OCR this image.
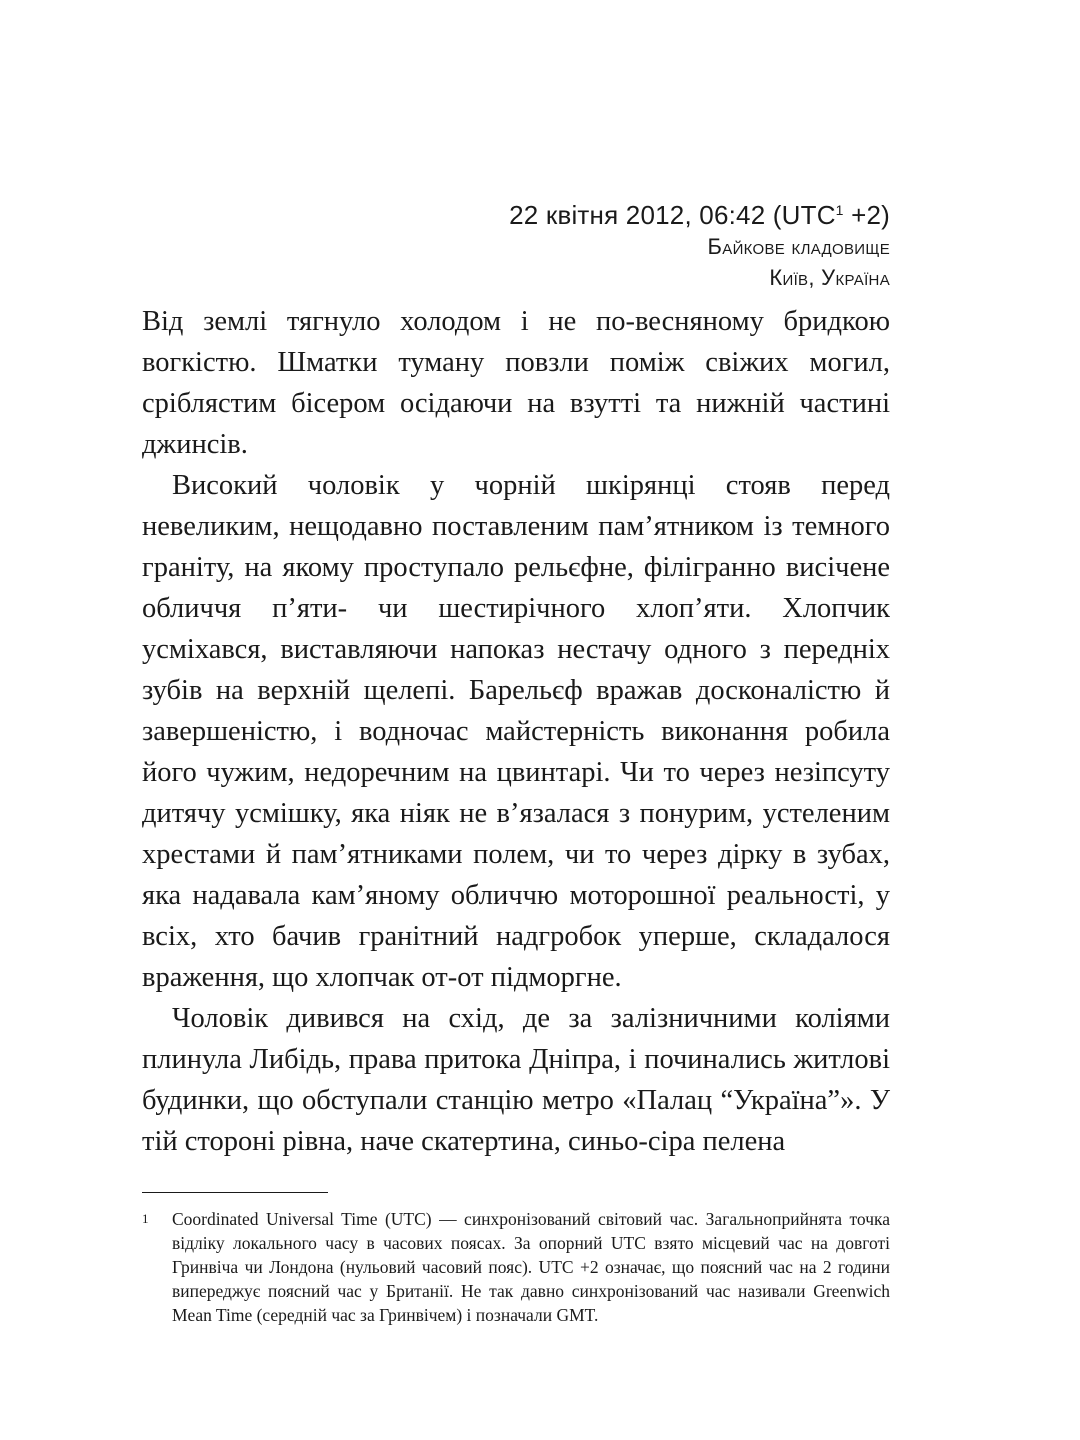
22 квітня 2012, 06:42 (UTC$^1$ +2)
Байкове кладовище
Київ, Україна

Від землі тягнуло холодом і не по-весняному бридкою вогкістю. Шматки туману повзли поміж свіжих могил, сріблястим бісером осідаючи на взутті та нижній частині джинсів.

Високий чоловік у чорній шкірянці стояв перед невеликим, нещодавно поставленим пам’ятником із темного граніту, на якому проступало рельєфне, філігранно висічене обличчя п’яти- чи шестирічного хлоп’яти. Хлопчик усміхався, виставляючи напоказ нестачу одного з передніх зубів на верхній щелепі. Барельєф вражав досконалістю й завершеністю, і водночас майстерність виконання робила його чужим, недоречним на цвинтарі. Чи то через незіпсуту дитячу усмішку, яка ніяк не в’язалася з понурим, устеленим хрестами й пам’ятниками полем, чи то через дірку в зубах, яка надавала кам’яному обличчю моторошної реальності, у всіх, хто бачив гранітний надгробок уперше, складалося враження, що хлопчак от-от підморгне.

Чоловік дивився на схід, де за залізничними коліями плинула Либідь, права притока Дніпра, і починались житлові будинки, що обступали станцію метро «Палац “Україна”». У тій стороні рівна, наче скатертина, синьо-сіра пелена

1 Coordinated Universal Time (UTC) — синхронізований світовий час. Загальноприйнята точка відліку локального часу в часових поясах. За опорний UTC взято місцевий час на довготі Гринвіча чи Лондона (нульовий часовий пояс). UTC +2 означає, що поясний час на 2 години випереджує поясний час у Британії. Не так давно синхронізований час називали Greenwich Mean Time (середній час за Гринвічем) і позначали GMT.
